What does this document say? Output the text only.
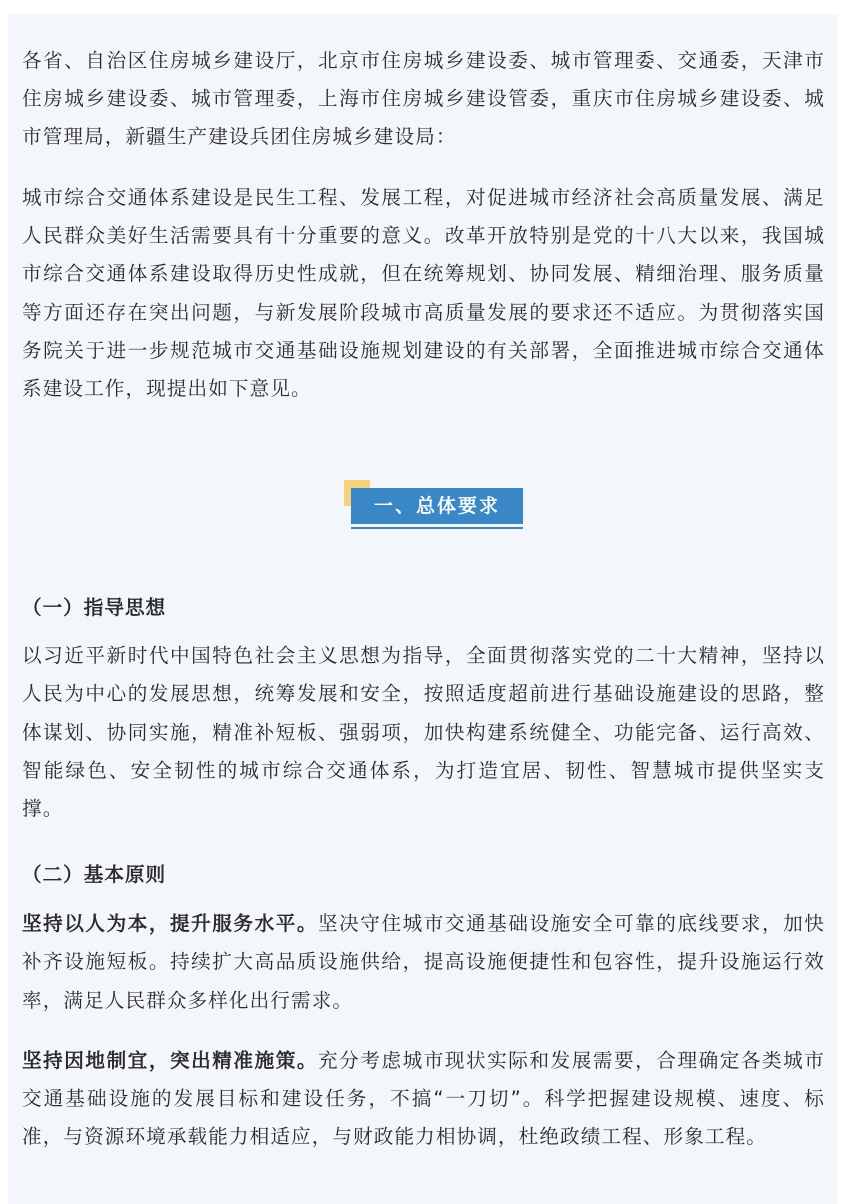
各省、自治区住房城乡建设厅，北京市住房城乡建设委、城市管理委、交通委，天津市住房城乡建设委、城市管理委，上海市住房城乡建设管委，重庆市住房城乡建设委、城市管理局，新疆生产建设兵团住房城乡建设局：

城市综合交通体系建设是民生工程、发展工程，对促进城市经济社会高质量发展、满足人民群众美好生活需要具有十分重要的意义。改革开放特别是党的十八大以来，我国城市综合交通体系建设取得历史性成就，但在统筹规划、协同发展、精细治理、服务质量等方面还存在突出问题，与新发展阶段城市高质量发展的要求还不适应。为贯彻落实国务院关于进一步规范城市交通基础设施规划建设的有关部署，全面推进城市综合交通体系建设工作，现提出如下意见。

一、总体要求

（一）指导思想

以习近平新时代中国特色社会主义思想为指导，全面贯彻落实党的二十大精神，坚持以人民为中心的发展思想，统筹发展和安全，按照适度超前进行基础设施建设的思路，整体谋划、协同实施，精准补短板、强弱项，加快构建系统健全、功能完备、运行高效、智能绿色、安全韧性的城市综合交通体系，为打造宜居、韧性、智慧城市提供坚实支撑。

（二）基本原则

坚持以人为本，提升服务水平。坚决守住城市交通基础设施安全可靠的底线要求，加快补齐设施短板。持续扩大高品质设施供给，提高设施便捷性和包容性，提升设施运行效率，满足人民群众多样化出行需求。

坚持因地制宜，突出精准施策。充分考虑城市现状实际和发展需要，合理确定各类城市交通基础设施的发展目标和建设任务，不搞“一刀切”。科学把握建设规模、速度、标准，与资源环境承载能力相适应，与财政能力相协调，杜绝政绩工程、形象工程。
